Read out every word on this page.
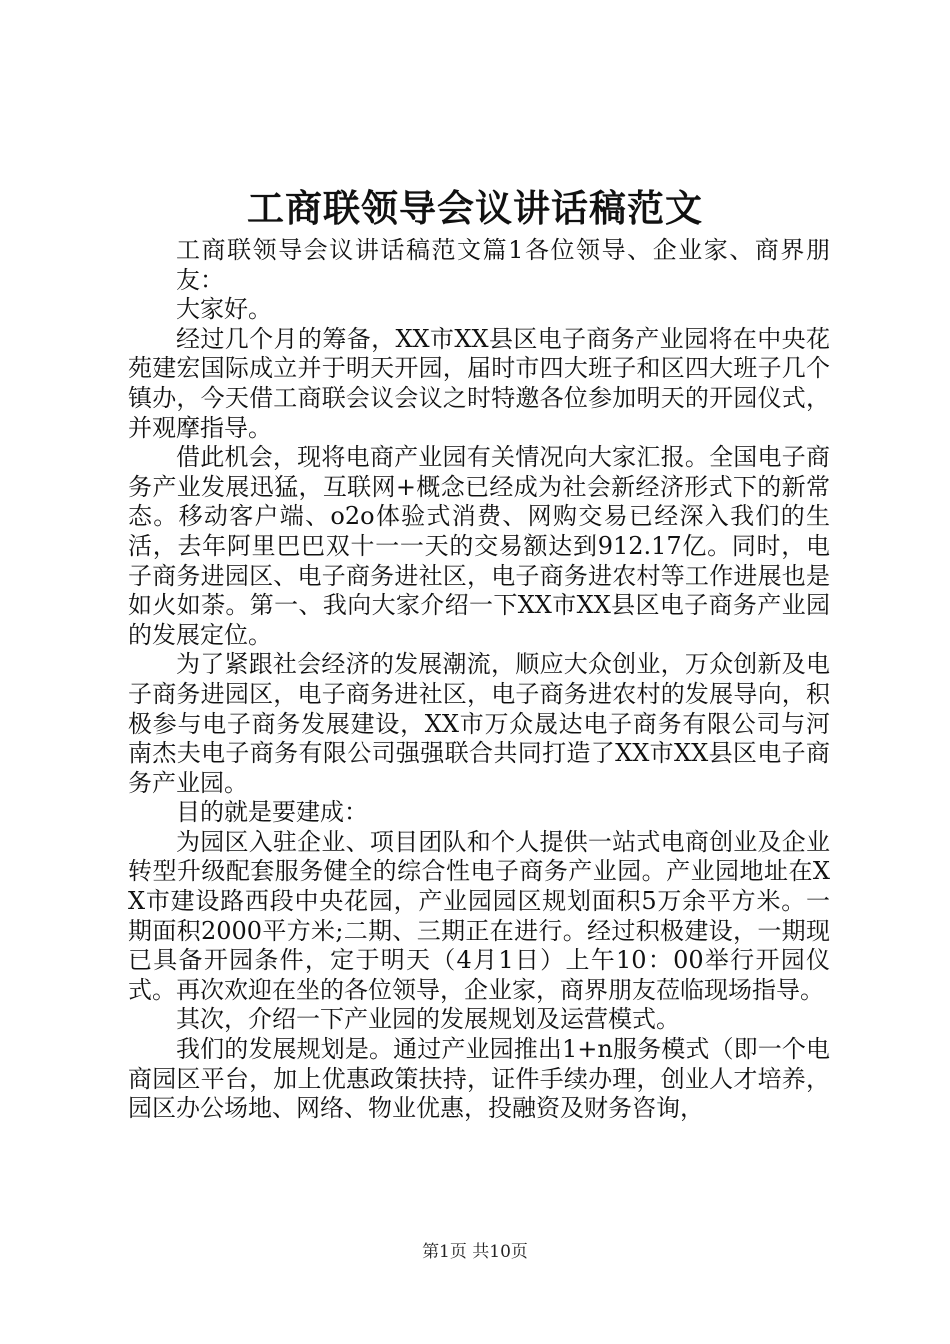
工商联领导会议讲话稿范文

工商联领导会议讲话稿范文篇1各位领导、企业家、商界朋友：

大家好。

经过几个月的筹备，XX市XX县区电子商务产业园将在中央花苑建宏国际成立并于明天开园，届时市四大班子和区四大班子几个镇办，今天借工商联会议会议之时特邀各位参加明天的开园仪式，并观摩指导。

借此机会，现将电商产业园有关情况向大家汇报。全国电子商务产业发展迅猛，互联网+概念已经成为社会新经济形式下的新常态。移动客户端、o2o体验式消费、网购交易已经深入我们的生活，去年阿里巴巴双十一一天的交易额达到912.17亿。同时，电子商务进园区、电子商务进社区，电子商务进农村等工作进展也是如火如荼。第一、我向大家介绍一下XX市XX县区电子商务产业园的发展定位。

为了紧跟社会经济的发展潮流，顺应大众创业，万众创新及电子商务进园区，电子商务进社区，电子商务进农村的发展导向，积极参与电子商务发展建设，XX市万众晟达电子商务有限公司与河南杰夫电子商务有限公司强强联合共同打造了XX市XX县区电子商务产业园。

目的就是要建成：

为园区入驻企业、项目团队和个人提供一站式电商创业及企业转型升级配套服务健全的综合性电子商务产业园。产业园地址在XX市建设路西段中央花园，产业园园区规划面积5万余平方米。一期面积2000平方米;二期、三期正在进行。经过积极建设，一期现已具备开园条件，定于明天（4月1日）上午10：00举行开园仪式。再次欢迎在坐的各位领导，企业家，商界朋友莅临现场指导。

其次，介绍一下产业园的发展规划及运营模式。

我们的发展规划是。通过产业园推出1+n服务模式（即一个电商园区平台，加上优惠政策扶持，证件手续办理，创业人才培养，园区办公场地、网络、物业优惠，投融资及财务咨询，

第1页 共10页
